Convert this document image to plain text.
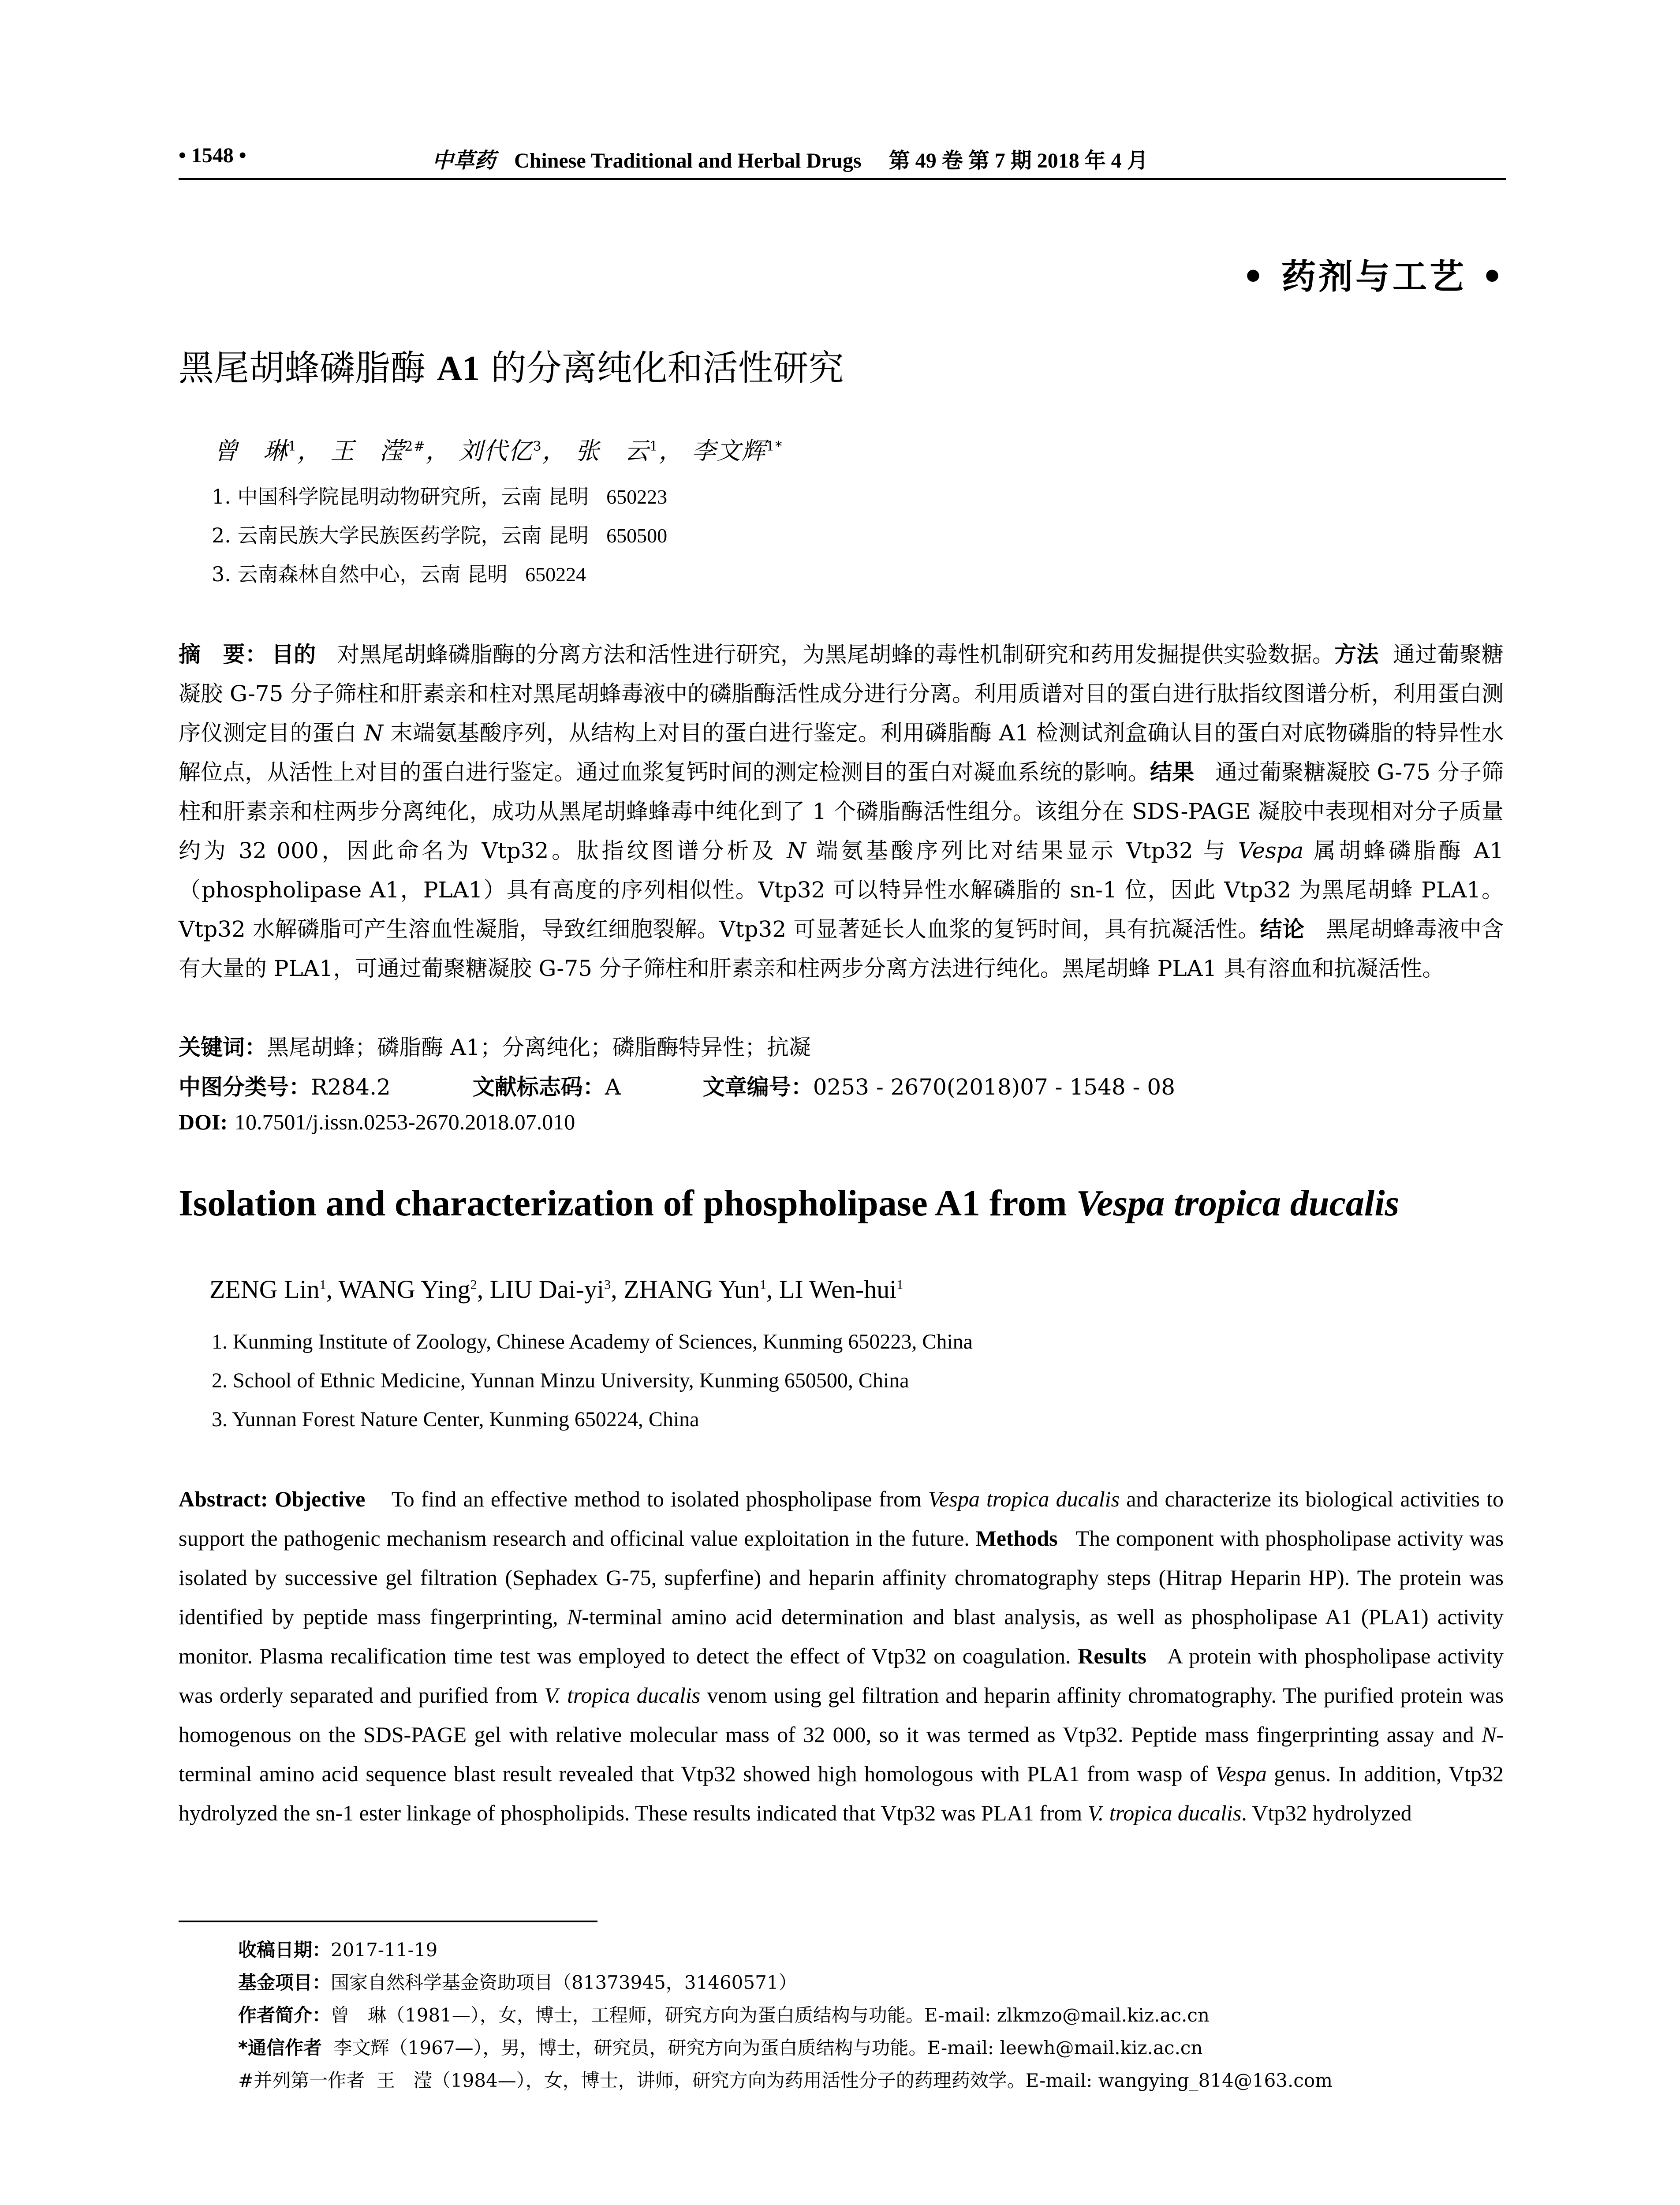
• 1548 •	中草药 Chinese Traditional and Herbal Drugs 第 49 卷 第 7 期 2018 年 4 月
• 药剂与工艺 •
黑尾胡蜂磷脂酶 A1 的分离纯化和活性研究
曾　琳$^1$， 王　滢$^{2\#}$， 刘代亿$^3$， 张　云$^1$， 李文辉$^{1*}$
1. 中国科学院昆明动物研究所，云南 昆明 650223
2. 云南民族大学民族医药学院，云南 昆明 650500
3. 云南森林自然中心，云南 昆明 650224
摘　要： 目的 对黑尾胡蜂磷脂酶的分离方法和活性进行研究，为黑尾胡蜂的毒性机制研究和药用发掘提供实验数据。方法 通过葡聚糖凝胶 G-75 分子筛柱和肝素亲和柱对黑尾胡蜂毒液中的磷脂酶活性成分进行分离。利用质谱对目的蛋白进行肽指纹图谱分析，利用蛋白测序仪测定目的蛋白 N 末端氨基酸序列，从结构上对目的蛋白进行鉴定。利用磷脂酶 A1 检测试剂盒确认目的蛋白对底物磷脂的特异性水解位点，从活性上对目的蛋白进行鉴定。通过血浆复钙时间的测定检测目的蛋白对凝血系统的影响。结果 通过葡聚糖凝胶 G-75 分子筛柱和肝素亲和柱两步分离纯化，成功从黑尾胡蜂蜂毒中纯化到了 1 个磷脂酶活性组分。该组分在 SDS-PAGE 凝胶中表现相对分子质量约为 32 000，因此命名为 Vtp32。肽指纹图谱分析及 N 端氨基酸序列比对结果显示 Vtp32 与 Vespa 属胡蜂磷脂酶 A1（phospholipase A1，PLA1）具有高度的序列相似性。Vtp32 可以特异性水解磷脂的 sn-1 位，因此 Vtp32 为黑尾胡蜂 PLA1。Vtp32 水解磷脂可产生溶血性凝脂，导致红细胞裂解。Vtp32 可显著延长人血浆的复钙时间，具有抗凝活性。结论 黑尾胡蜂毒液中含有大量的 PLA1，可通过葡聚糖凝胶 G-75 分子筛柱和肝素亲和柱两步分离方法进行纯化。黑尾胡蜂 PLA1 具有溶血和抗凝活性。
关键词：黑尾胡蜂；磷脂酶 A1；分离纯化；磷脂酶特异性；抗凝
中图分类号：R284.2	文献标志码：A	文章编号：0253 - 2670(2018)07 - 1548 - 08
DOI: 10.7501/j.issn.0253-2670.2018.07.010
Isolation and characterization of phospholipase A1 from Vespa tropica ducalis
ZENG Lin$^1$, WANG Ying$^2$, LIU Dai-$yi^3$, ZHANG Yun$^1$, LI Wen-hui$^1$
1. Kunming Institute of Zoology, Chinese Academy of Sciences, Kunming 650223, China
2. School of Ethnic Medicine, Yunnan Minzu University, Kunming 650500, China
3. Yunnan Forest Nature Center, Kunming 650224, China
Abstract: Objective To find an effective method to isolated phospholipase from Vespa tropica ducalis and characterize its biological activities to support the pathogenic mechanism research and officinal value exploitation in the future. Methods The component with phospholipase activity was isolated by successive gel filtration (Sephadex G-75, supferfine) and heparin affinity chromatography steps (Hitrap Heparin HP). The protein was identified by peptide mass fingerprinting, N-terminal amino acid determination and blast analysis, as well as phospholipase A1 (PLA1) activity monitor. Plasma recalification time test was employed to detect the effect of Vtp32 on coagulation. Results A protein with phospholipase activity was orderly separated and purified from V. tropica ducalis venom using gel filtration and heparin affinity chromatography. The purified protein was homogenous on the SDS-PAGE gel with relative molecular mass of 32 000, so it was termed as Vtp32. Peptide mass fingerprinting assay and N-terminal amino acid sequence blast result revealed that Vtp32 showed high homologous with PLA1 from wasp of Vespa genus. In addition, Vtp32 hydrolyzed the sn-1 ester linkage of phospholipids. These results indicated that Vtp32 was PLA1 from V. tropica ducalis. Vtp32 hydrolyzed
收稿日期：2017-11-19
基金项目：国家自然科学基金资助项目（81373945，31460571）
作者简介：曾　琳（1981—），女，博士，工程师，研究方向为蛋白质结构与功能。E-mail: zlkmzo@mail.kiz.ac.cn
*通信作者 李文辉（1967—），男，博士，研究员，研究方向为蛋白质结构与功能。E-mail: leewh@mail.kiz.ac.cn
#并列第一作者 王　滢（1984—），女，博士，讲师，研究方向为药用活性分子的药理药效学。E-mail: wangying_814@163.com
